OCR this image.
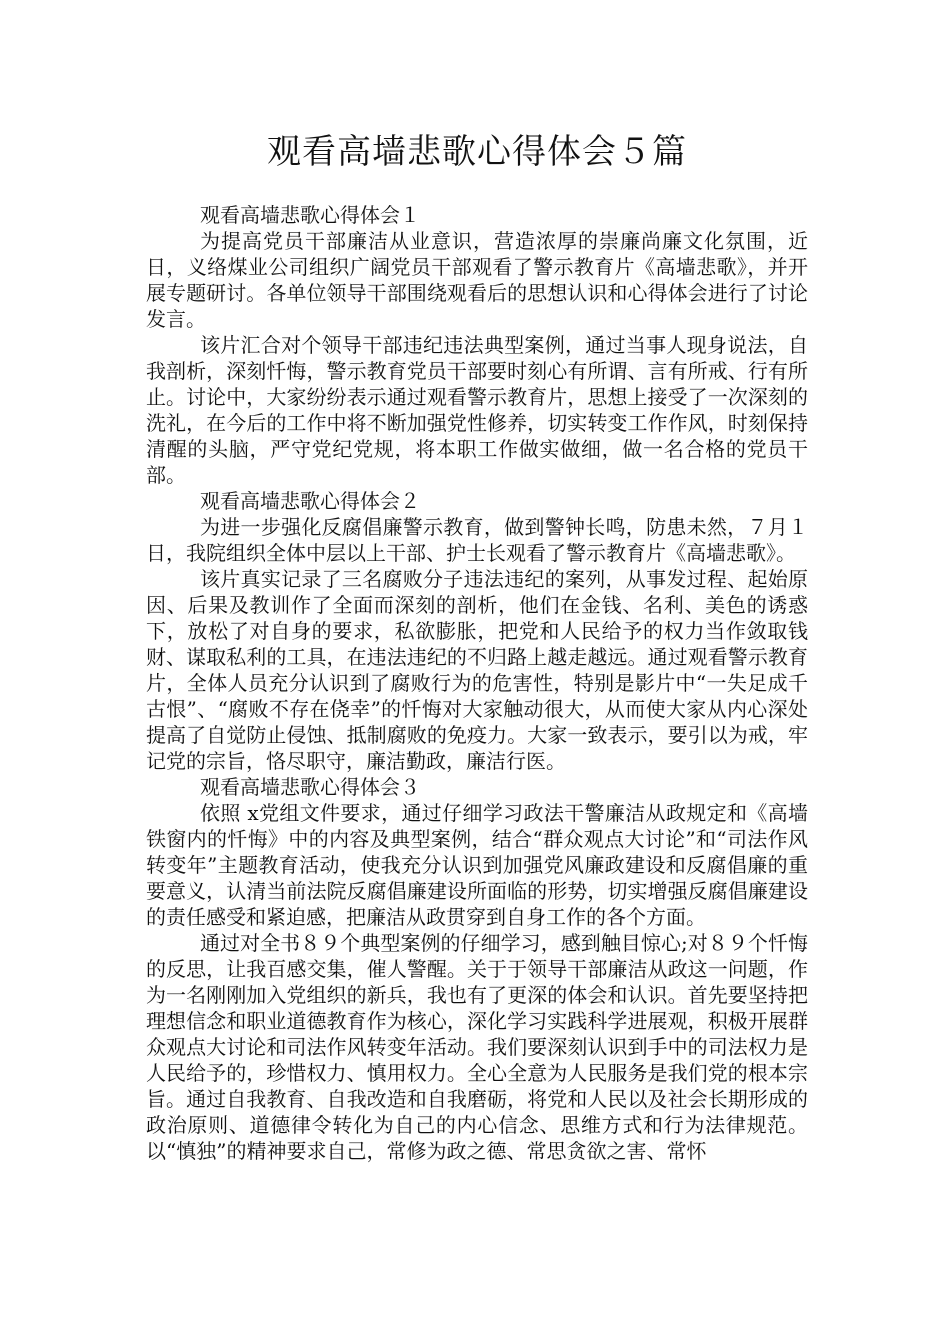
观看高墙悲歌心得体会５篇

观看高墙悲歌心得体会１

为提高党员干部廉洁从业意识，营造浓厚的崇廉尚廉文化氛围，近日，义络煤业公司组织广阔党员干部观看了警示教育片《高墙悲歌》，并开展专题研讨。各单位领导干部围绕观看后的思想认识和心得体会进行了讨论发言。

该片汇合对个领导干部违纪违法典型案例，通过当事人现身说法，自我剖析，深刻忏悔，警示教育党员干部要时刻心有所谓、言有所戒、行有所止。讨论中，大家纷纷表示通过观看警示教育片，思想上接受了一次深刻的洗礼，在今后的工作中将不断加强党性修养，切实转变工作作风，时刻保持清醒的头脑，严守党纪党规，将本职工作做实做细，做一名合格的党员干部。

观看高墙悲歌心得体会２

为进一步强化反腐倡廉警示教育，做到警钟长鸣，防患未然，７月１日，我院组织全体中层以上干部、护士长观看了警示教育片《高墙悲歌》。

该片真实记录了三名腐败分子违法违纪的案列，从事发过程、起始原因、后果及教训作了全面而深刻的剖析，他们在金钱、名利、美色的诱惑下，放松了对自身的要求，私欲膨胀，把党和人民给予的权力当作敛取钱财、谋取私利的工具，在违法违纪的不归路上越走越远。通过观看警示教育片，全体人员充分认识到了腐败行为的危害性，特别是影片中“一失足成千古恨”、“腐败不存在侥幸”的忏悔对大家触动很大，从而使大家从内心深处提高了自觉防止侵蚀、抵制腐败的免疫力。大家一致表示，要引以为戒，牢记党的宗旨，恪尽职守，廉洁勤政，廉洁行医。

观看高墙悲歌心得体会３

依照 x党组文件要求，通过仔细学习政法干警廉洁从政规定和《高墙铁窗内的忏悔》中的内容及典型案例，结合“群众观点大讨论”和“司法作风转变年”主题教育活动，使我充分认识到加强党风廉政建设和反腐倡廉的重要意义，认清当前法院反腐倡廉建设所面临的形势，切实增强反腐倡廉建设的责任感受和紧迫感，把廉洁从政贯穿到自身工作的各个方面。

通过对全书８９个典型案例的仔细学习，感到触目惊心;对８９个忏悔的反思，让我百感交集，催人警醒。关于于领导干部廉洁从政这一问题，作为一名刚刚加入党组织的新兵，我也有了更深的体会和认识。首先要坚持把理想信念和职业道德教育作为核心，深化学习实践科学进展观，积极开展群众观点大讨论和司法作风转变年活动。我们要深刻认识到手中的司法权力是人民给予的，珍惜权力、慎用权力。全心全意为人民服务是我们党的根本宗旨。通过自我教育、自我改造和自我磨砺，将党和人民以及社会长期形成的政治原则、道德律令转化为自己的内心信念、思维方式和行为法律规范。以“慎独”的精神要求自己，常修为政之德、常思贪欲之害、常怀
